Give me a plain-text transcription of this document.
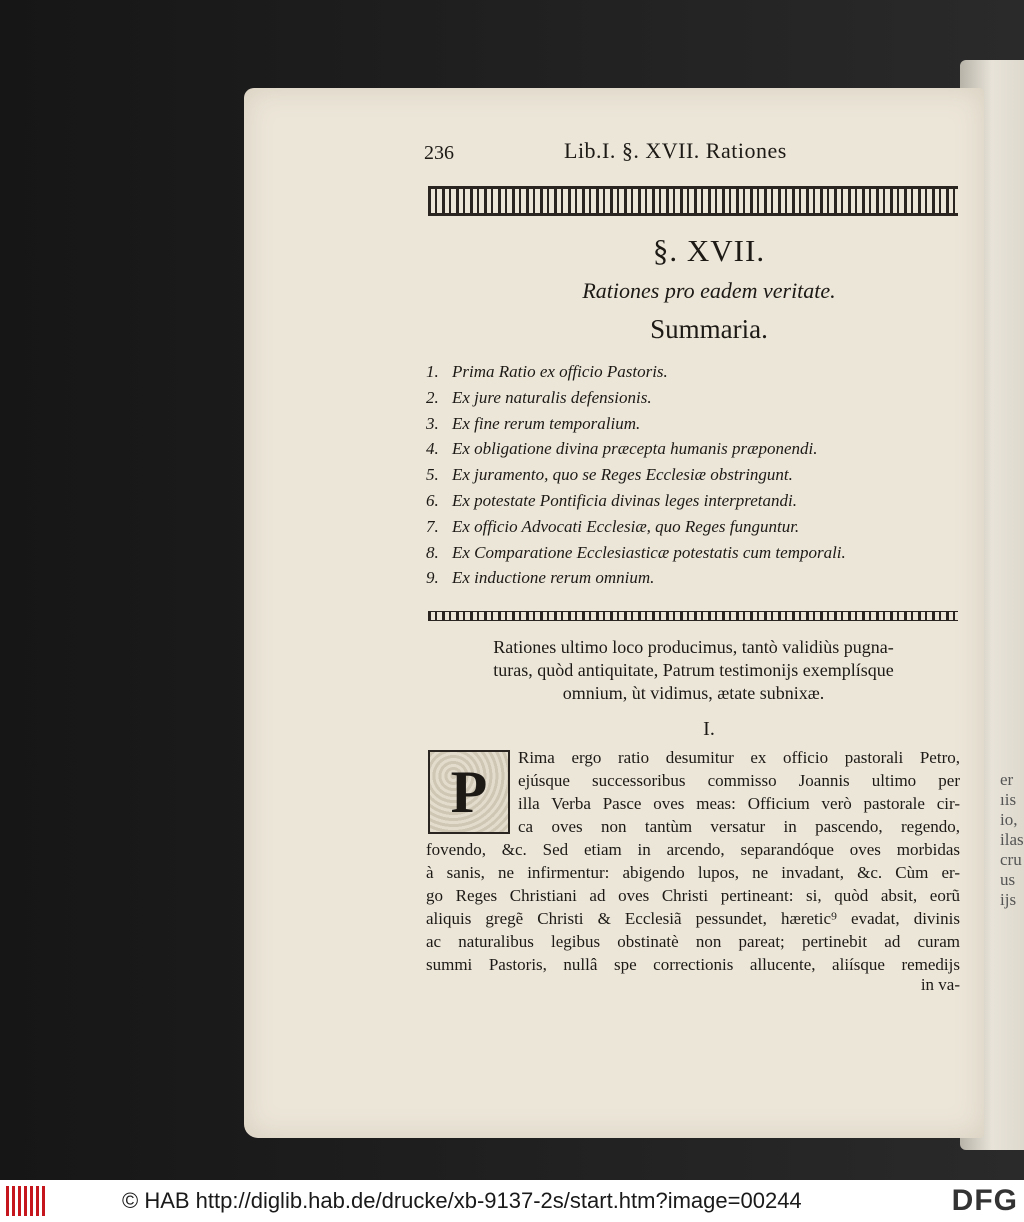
er
ıis
io,
ilas
cru
us
ijs
236	Lib.I. §. XVII. Rationes
§. XVII.
Rationes pro eadem veritate.
Summaria.
1. Prima Ratio ex officio Pastoris.
2. Ex jure naturalis defensionis.
3. Ex fine rerum temporalium.
4. Ex obligatione divina præcepta humanis præponendi.
5. Ex juramento, quo se Reges Ecclesiæ obstringunt.
6. Ex potestate Pontificia divinas leges interpretandi.
7. Ex officio Advocati Ecclesiæ, quo Reges funguntur.
8. Ex Comparatione Ecclesiasticæ potestatis cum temporali.
9. Ex inductione rerum omnium.
Rationes ultimo loco producimus, tantò validiùs pugna-
turas, quòd antiquitate, Patrum testimonijs exemplísque
omnium, ùt vidimus, ætate subnixæ.
I.
P
Rima ergo ratio desumitur ex officio pastorali Petro,
ejúsque successoribus commisso Joannis ultimo per
illa Verba Pasce oves meas: Officium verò pastorale cir-
ca oves non tantùm versatur in pascendo, regendo,
fovendo, &c. Sed etiam in arcendo, separandóque oves morbidas
à sanis, ne infirmentur: abigendo lupos, ne invadant, &c. Cùm er-
go Reges Christiani ad oves Christi pertineant: si, quòd absit, eorũ
aliquis gregẽ Christi & Ecclesiã pessundet, hæretic⁹ evadat, divinis
ac naturalibus legibus obstinatè non pareat; pertinebit ad curam
summi Pastoris, nullâ spe correctionis allucente, aliísque remedijs
in va-
© HAB http://diglib.hab.de/drucke/xb-9137-2s/start.htm?image=00244	DFG
